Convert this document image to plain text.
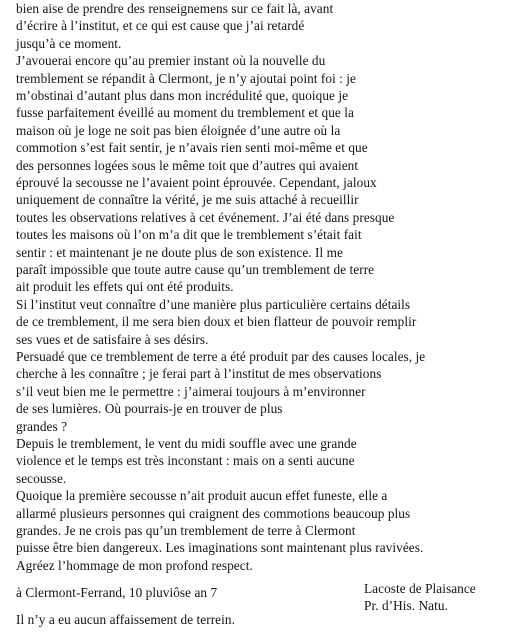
bien aise de prendre des renseignemens sur ce fait là, avant
d’écrire à l’institut, et ce qui est cause que j’ai retardé
jusqu’à ce moment.
J’avouerai encore qu’au premier instant où la nouvelle du
tremblement se répandit à Clermont, je n’y ajoutai point foi : je
m’obstinai d’autant plus dans mon incrédulité que, quoique je
fusse parfaitement éveillé au moment du tremblement et que la
maison où je loge ne soit pas bien éloignée d’une autre où la
commotion s’est fait sentir, je n’avais rien senti moi-même et que
des personnes logées sous le même toit que d’autres qui avaient
éprouvé la secousse ne l’avaient point éprouvée. Cependant, jaloux
uniquement de connaître la vérité, je me suis attaché à recueillir
toutes les observations relatives à cet événement. J’ai été dans presque
toutes les maisons où l’on m’a dit que le tremblement s’était fait
sentir : et maintenant je ne doute plus de son existence. Il me
paraît impossible que toute autre cause qu’un tremblement de terre
ait produit les effets qui ont été produits.
Si l’institut veut connaître d’une manière plus particulière certains détails
de ce tremblement, il me sera bien doux et bien flatteur de pouvoir remplir
ses vues et de satisfaire à ses désirs.
Persuadé que ce tremblement de terre a été produit par des causes locales, je
cherche à les connaître ; je ferai part à l’institut de mes observations
s’il veut bien me le permettre : j’aimerai toujours à m’environner
de ses lumières. Où pourrais-je en trouver de plus
grandes ?
Depuis le tremblement, le vent du midi souffle avec une grande
violence et le temps est très inconstant : mais on a senti aucune
secousse.
Quoique la première secousse n’ait produit aucun effet funeste, elle a
allarmé plusieurs personnes qui craignent des commotions beaucoup plus
grandes. Je ne crois pas qu’un tremblement de terre à Clermont
puisse être bien dangereux. Les imaginations sont maintenant plus ravivées.
Agréez l’hommage de mon profond respect.
à Clermont-Ferrand, 10 pluviôse an 7	Lacoste de Plaisance
Pr. d’His. Natu.
Il n’y a eu aucun affaissement de terrein.
